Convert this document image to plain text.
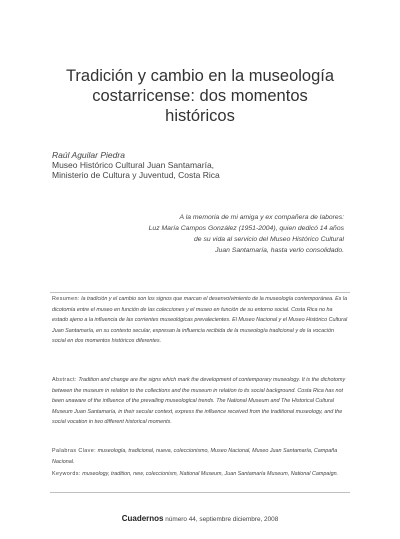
Tradición y cambio en la museología
costarricense: dos momentos
históricos
Raúl Aguilar Piedra
Museo Histórico Cultural Juan Santamaría,
Ministerio de Cultura y Juventud, Costa Rica
A la memoria de mi amiga y ex compañera de labores:
Luz María Campos González (1951-2004), quien dedicó 14 años
de su vida al servicio del Museo Histórico Cultural
Juan Santamaría, hasta verlo consolidado.
Resumen: la tradición y el cambio son los signos que marcan el desenvolvimiento de la museología contemporánea. Es la dicotomía entre el museo en función de las colecciones y el museo en función de su entorno social. Costa Rica no ha estado ajeno a la influencia de las corrientes museológicas prevalecientes. El Museo Nacional y el Museo Histórico Cultural Juan Santamaría, en su contexto secular, expresan la influencia recibida de la museología tradicional y de la vocación social en dos momentos históricos diferentes.
Abstract: Tradition and change are the signs which mark the development of contemporary museology. It is the dichotomy between the museum in relation to the collections and the museum in relation to its social background. Costa Rica has not been unaware of the influence of the prevailing museological trends. The National Museum and The Historical Cultural Museum Juan Santamaría, in their secular context, express the influence received from the traditional museology, and the social vocation in two different historical moments.
Palabras Clave: museología, tradicional, nueva, coleccionismo, Museo Nacional, Museo Juan Santamaría, Campaña Nacional.
Keywords: museology, tradition, new, coleccionism, National Museum, Juan Santamaría Museum, National Campaign.
Cuadernos número 44, septiembre diciembre, 2008
